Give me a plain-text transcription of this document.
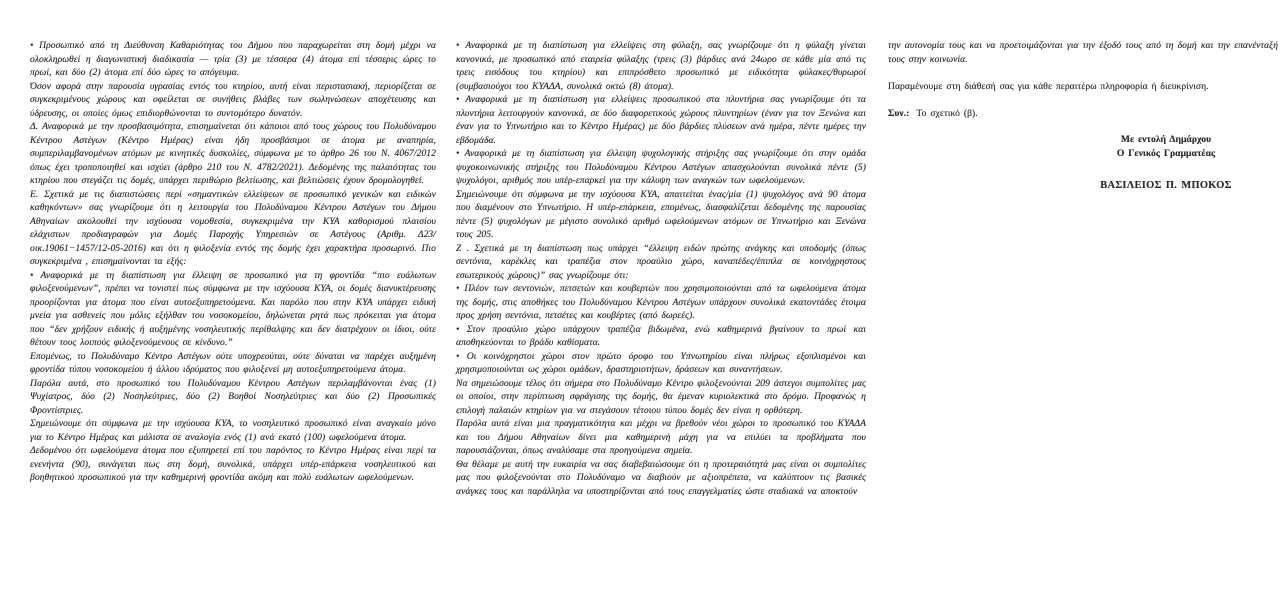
• Προσωπικό από τη Διεύθυνση Καθαριότητας του Δήμου που παραχωρείται στη δομή μέχρι να ολοκληρωθεί η διαγωνιστική διαδικασία — τρία (3) με τέσσερα (4) άτομα επί τέσσερις ώρες το πρωί, και δύο (2) άτομα επί δύο ώρες το απόγευμα.

Όσον αφορά στην παρουσία υγρασίας εντός του κτηρίου, αυτή είναι περιστασιακή, περιορίζεται σε συγκεκριμένους χώρους και οφείλεται σε συνήθεις βλάβες των σωληνώσεων αποχέτευσης και ύδρευσης, οι οποίες όμως επιδιορθώνονται το συντομότερο δυνατόν.

Δ. Αναφορικά με την προσβασιμότητα, επισημαίνεται ότι κάποιοι από τους χώρους του Πολυδύναμου Κέντρου Αστέγων (Κέντρο Ημέρας) είναι ήδη προσβάσιμοι σε άτομα με αναπηρία, συμπεριλαμβανομένων ατόμων με κινητικές δυσκολίες, σύμφωνα με το άρθρο 26 του Ν. 4067/2012 όπως έχει τροποποιηθεί και ισχύει (άρθρο 210 του Ν. 4782/2021). Δεδομένης της παλαιότητας του κτηρίου που στεγάζει τις δομές, υπάρχει περιθώριο βελτίωσης, και βελτιώσεις έχουν δρομολογηθεί.

Ε. Σχετικά με τις διαπιστώσεις περί «σημαντικών ελλείψεων σε προσωπικό γενικών και ειδικών καθηκόντων» σας γνωρίζουμε ότι η λειτουργία του Πολυδύναμου Κέντρου Αστέγων του Δήμου Αθηναίων ακολουθεί την ισχύουσα νομοθεσία, συγκεκριμένα την ΚΥΑ καθορισμού πλαισίου ελάχιστων προδιαγραφών για Δομές Παροχής Υπηρεσιών σε Αστέγους (Αριθμ. Δ23/οικ.19061−1457/12-05-2016) και ότι η φιλοξενία εντός της δομής έχει χαρακτήρα προσωρινό. Πιο συγκεκριμένα , επισημαίνονται τα εξής:

• Αναφορικά με τη διαπίστωση για έλλειψη σε προσωπικό για τη φροντίδα “πιο ευάλωτων φιλοξενούμενων”, πρέπει να τονιστεί πως σύμφωνα με την ισχύουσα ΚΥΑ, οι δομές διανυκτέρευσης προορίζονται για άτομα που είναι αυτοεξυπηρετούμενα. Και παρόλο που στην ΚΥΑ υπάρχει ειδική μνεία για ασθενείς που μόλις εξήλθαν του νοσοκομείου, δηλώνεται ρητά πως πρόκειται για άτομα που “δεν χρήζουν ειδικής ή αυξημένης νοσηλευτικής περίθαλψης και δεν διατρέχουν οι ίδιοι, ούτε θέτουν τους λοιπούς φιλοξενούμενους σε κίνδυνο.”

Επομένως, το Πολυδύναμο Κέντρο Αστέγων ούτε υποχρεούται, ούτε δύναται να παρέχει αυξημένη φροντίδα τύπου νοσοκομείου ή άλλου ιδρύματος που φιλοξενεί μη αυτοεξυπηρετούμενα άτομα.

Παρόλα αυτά, στο προσωπικό του Πολυδύναμου Κέντρου Αστέγων περιλαμβάνονται ένας (1) Ψυχίατρος, δύο (2) Νοσηλεύτριες, δύο (2) Βοηθοί Νοσηλεύτριες και δύο (2) Προσωπικές Φροντίστριες.

Σημειώνουμε ότι σύμφωνα με την ισχύουσα ΚΥΑ, το νοσηλευτικό προσωπικό είναι αναγκαίο μόνο για το Κέντρο Ημέρας και μάλιστα σε αναλογία ενός (1) ανά εκατό (100) ωφελούμενα άτομα.

Δεδομένου ότι ωφελούμενα άτομα που εξυπηρετεί επί του παρόντος το Κέντρο Ημέρας είναι περί τα ενενήντα (90), συνάγεται πως στη δομή, συνολικά, υπάρχει υπέρ-επάρκεια νοσηλευτικού και βοηθητικού προσωπικού για την καθημερινή φροντίδα ακόμη και πολύ ευάλωτων ωφελούμενων.

• Αναφορικά με τη διαπίστωση για ελλείψεις στη φύλαξη, σας γνωρίζουμε ότι η φύλαξη γίνεται κανονικά, με προσωπικό από εταιρεία φύλαξης (τρεις (3) βάρδιες ανά 24ωρο σε κάθε μία από τις τρεις εισόδους του κτηρίου) και επιπρόσθετο προσωπικό με ειδικότητα φύλακες/θυρωροί (συμβασιούχοι του ΚΥΑΔΑ, συνολικά οκτώ (8) άτομα).

• Αναφορικά με τη διαπίστωση για ελλείψεις προσωπικού στα πλυντήρια σας γνωρίζουμε ότι τα πλυντήρια λειτουργούν κανονικά, σε δύο διαφορετικούς χώρους πλυντηρίων (έναν για τον Ξενώνα και έναν για το Υπνωτήριο και το Κέντρο Ημέρας) με δύο βάρδιες πλύσεων ανά ημέρα, πέντε ημέρες την εβδομάδα.

• Αναφορικά με τη διαπίστωση για έλλειψη ψυχολογικής στήριξης σας γνωρίζουμε ότι στην ομάδα ψυχοκοινωνικής στήριξης του Πολυδύναμου Κέντρου Αστέγων απασχολούνται συνολικά πέντε (5) ψυχολόγοι, αριθμός που υπέρ-επαρκεί για την κάλυψη των αναγκών των ωφελούμενων.

Σημειώνουμε ότι σύμφωνα με την ισχύουσα ΚΥΑ, απαιτείται ένας/μία (1) ψυχολόγος ανά 90 άτομα που διαμένουν στο Υπνωτήριο. Η υπέρ-επάρκεια, επομένως, διασφαλίζεται δεδομένης της παρουσίας πέντε (5) ψυχολόγων με μέγιστο συνολικό αριθμό ωφελούμενων ατόμων σε Υπνωτήριο και Ξενώνα τους 205.

Ζ . Σχετικά με τη διαπίστωση πως υπάρχει “έλλειψη ειδών πρώτης ανάγκης και υποδομής (όπως σεντόνια, καρέκλες και τραπέζια στον προαύλιο χώρο, καναπέδες/έπιπλα σε κοινόχρηστους εσωτερικούς χώρους)” σας γνωρίζουμε ότι:

• Πλέον των σεντονιών, πετσετών και κουβερτών που χρησιμοποιούνται από τα ωφελούμενα άτομα της δομής, στις αποθήκες του Πολυδύναμου Κέντρου Αστέγων υπάρχουν συνολικά εκατοντάδες έτοιμα προς χρήση σεντόνια, πετσέτες και κουβέρτες (από δωρεές).

• Στον προαύλιο χώρο υπάρχουν τραπέζια βιδωμένα, ενώ καθημερινά βγαίνουν το πρωί και αποθηκεύονται το βράδυ καθίσματα.

• Οι κοινόχρηστοι χώροι στον πρώτο όροφο του Υπνωτηρίου είναι πλήρως εξοπλισμένοι και χρησιμοποιούνται ως χώροι ομάδων, δραστηριοτήτων, δράσεων και συναντήσεων.

Να σημειώσουμε τέλος ότι σήμερα στο Πολυδύναμο Κέντρο φιλοξενούνται 209 άστεγοι συμπολίτες μας οι οποίοι, στην περίπτωση σφράγισης της δομής, θα έμεναν κυριολεκτικά στο δρόμο. Προφανώς η επιλογή παλαιών κτηρίων για να στεγάσουν τέτοιου τύπου δομές δεν είναι η ορθότερη.

Παρόλα αυτά είναι μια πραγματικότητα και μέχρι να βρεθούν νέοι χώροι το προσωπικό του ΚΥΑΔΑ και του Δήμου Αθηναίων δίνει μια καθημερινή μάχη για να επιλύει τα προβλήματα που παρουσιάζονται, όπως αναλύσαμε στα προηγούμενα σημεία.

Θα θέλαμε με αυτή την ευκαιρία να σας διαβεβαιώσουμε ότι η προτεραιότητά μας είναι οι συμπολίτες μας που φιλοξενούνται στο Πολυδύναμο να διαβιούν με αξιοπρέπεια, να καλύπτουν τις βασικές ανάγκες τους και παράλληλα να υποστηρίζονται από τους επαγγελματίες ώστε σταδιακά να αποκτούν

την αυτονομία τους και να προετοιμάζονται για την έξοδό τους από τη δομή και την επανένταξή τους στην κοινωνία.

Παραμένουμε στη διάθεσή σας για κάθε περαιτέρω πληροφορία ή διευκρίνιση.

Συν.: Το σχετικό (β).

Με εντολή Δημάρχου
Ο Γενικός Γραμματέας
ΒΑΣΙΛΕΙΟΣ Π. ΜΠΟΚΟΣ
